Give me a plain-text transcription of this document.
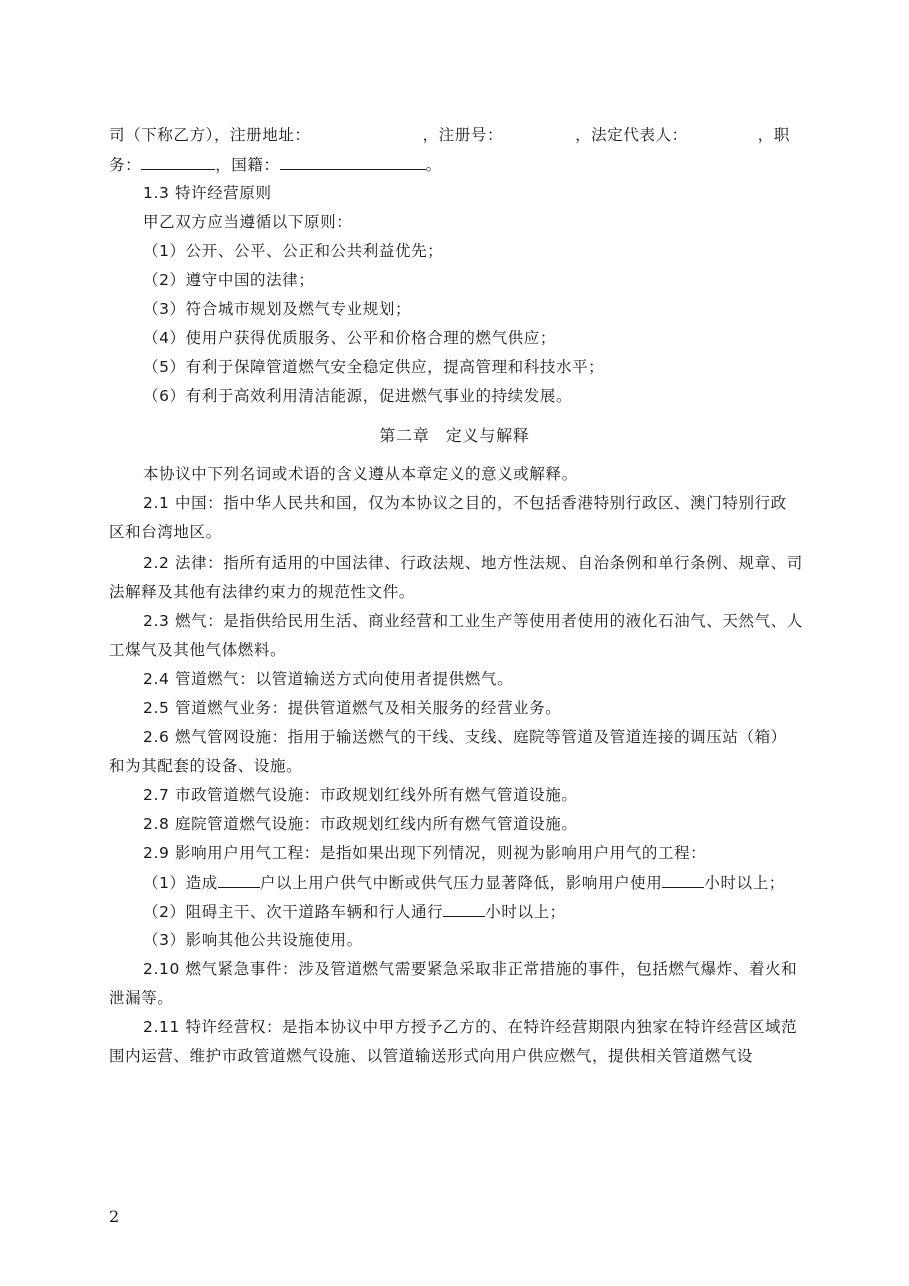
司（下称乙方），注册地址：	，注册号：	，法定代表人：	，职
务：	，国籍：	。
1.3 特许经营原则
甲乙双方应当遵循以下原则：
（1）公开、公平、公正和公共利益优先；
（2）遵守中国的法律；
（3）符合城市规划及燃气专业规划；
（4）使用户获得优质服务、公平和价格合理的燃气供应；
（5）有利于保障管道燃气安全稳定供应，提高管理和科技水平；
（6）有利于高效利用清洁能源，促进燃气事业的持续发展。
第二章 定义与解释
本协议中下列名词或术语的含义遵从本章定义的意义或解释。
2.1 中国：指中华人民共和国，仅为本协议之目的，不包括香港特别行政区、澳门特别行政
区和台湾地区。
2.2 法律：指所有适用的中国法律、行政法规、地方性法规、自治条例和单行条例、规章、司
法解释及其他有法律约束力的规范性文件。
2.3 燃气：是指供给民用生活、商业经营和工业生产等使用者使用的液化石油气、天然气、人
工煤气及其他气体燃料。
2.4 管道燃气：以管道输送方式向使用者提供燃气。
2.5 管道燃气业务：提供管道燃气及相关服务的经营业务。
2.6 燃气管网设施：指用于输送燃气的干线、支线、庭院等管道及管道连接的调压站（箱）
和为其配套的设备、设施。
2.7 市政管道燃气设施：市政规划红线外所有燃气管道设施。
2.8 庭院管道燃气设施：市政规划红线内所有燃气管道设施。
2.9 影响用户用气工程：是指如果出现下列情况，则视为影响用户用气的工程：
（1）造成	户以上用户供气中断或供气压力显著降低，影响用户使用	小时以上；
（2）阻碍主干、次干道路车辆和行人通行	小时以上；
（3）影响其他公共设施使用。
2.10 燃气紧急事件：涉及管道燃气需要紧急采取非正常措施的事件，包括燃气爆炸、着火和
泄漏等。
2.11 特许经营权：是指本协议中甲方授予乙方的、在特许经营期限内独家在特许经营区域范
围内运营、维护市政管道燃气设施、以管道输送形式向用户供应燃气，提供相关管道燃气设
2
